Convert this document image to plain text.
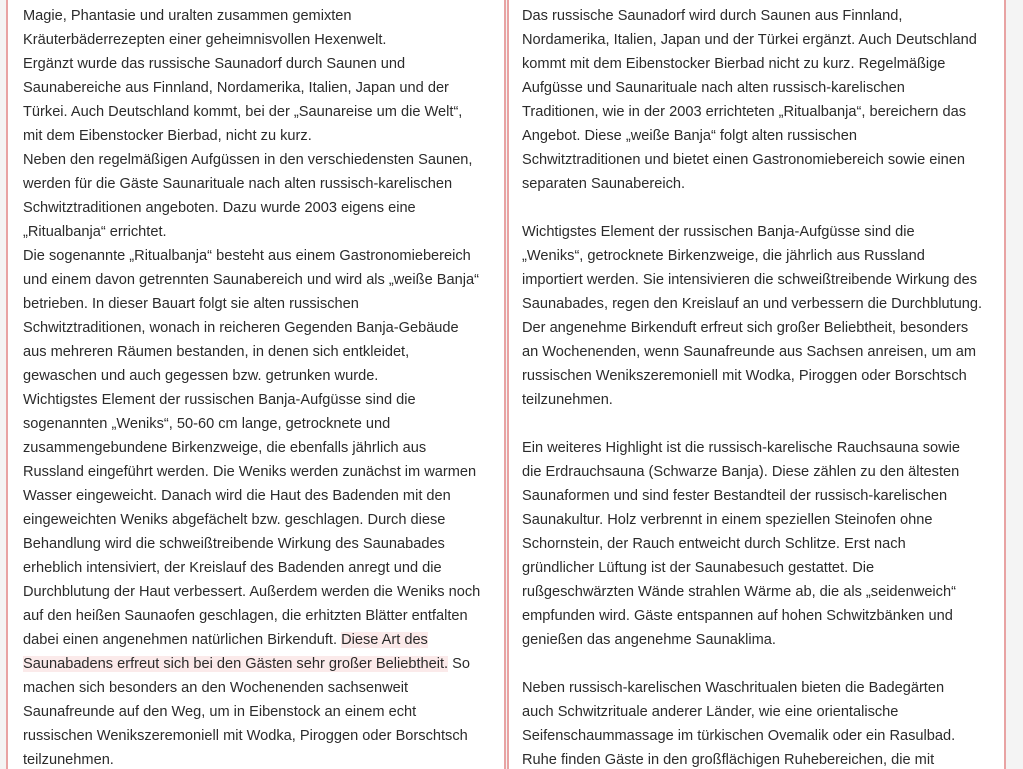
Magie, Phantasie und uralten zusammen gemixten
Kräuterbäderrezepten einer geheimnisvollen Hexenwelt.
Ergänzt wurde das russische Saunadorf durch Saunen und
Saunabereiche aus Finnland, Nordamerika, Italien, Japan und der
Türkei. Auch Deutschland kommt, bei der „Saunareise um die Welt“,
mit dem Eibenstocker Bierbad, nicht zu kurz.
Neben den regelmäßigen Aufgüssen in den verschiedensten Saunen,
werden für die Gäste Saunarituale nach alten russisch-karelischen
Schwitztraditionen angeboten. Dazu wurde 2003 eigens eine
„Ritualbanja“ errichtet.
Die sogenannte „Ritualbanja“ besteht aus einem Gastronomiebereich
und einem davon getrennten Saunabereich und wird als „weiße Banja“
betrieben. In dieser Bauart folgt sie alten russischen
Schwitztraditionen, wonach in reicheren Gegenden Banja-Gebäude
aus mehreren Räumen bestanden, in denen sich entkleidet,
gewaschen und auch gegessen bzw. getrunken wurde.
Wichtigstes Element der russischen Banja-Aufgüsse sind die
sogenannten „Weniks“, 50-60 cm lange, getrocknete und
zusammengebundene Birkenzweige, die ebenfalls jährlich aus
Russland eingeführt werden. Die Weniks werden zunächst im warmen
Wasser eingeweicht. Danach wird die Haut des Badenden mit den
eingeweichten Weniks abgefächelt bzw. geschlagen. Durch diese
Behandlung wird die schweißtreibende Wirkung des Saunabades
erheblich intensiviert, der Kreislauf des Badenden anregt und die
Durchblutung der Haut verbessert. Außerdem werden die Weniks noch
auf den heißen Saunaofen geschlagen, die erhitzten Blätter entfalten
dabei einen angenehmen natürlichen Birkenduft. Diese Art des
Saunabadens erfreut sich bei den Gästen sehr großer Beliebtheit. So
machen sich besonders an den Wochenenden sachsenweit
Saunafreunde auf den Weg, um in Eibenstock an einem echt
russischen Wenikszeremoniell mit Wodka, Piroggen oder Borschtsch
teilzunehmen.
Das russische Saunadorf wird durch Saunen aus Finnland,
Nordamerika, Italien, Japan und der Türkei ergänzt. Auch Deutschland
kommt mit dem Eibenstocker Bierbad nicht zu kurz. Regelmäßige
Aufgüsse und Saunarituale nach alten russisch-karelischen
Traditionen, wie in der 2003 errichteten „Ritualbanja“, bereichern das
Angebot. Diese „weiße Banja“ folgt alten russischen
Schwitztraditionen und bietet einen Gastronomiebereich sowie einen
separaten Saunabereich.
Wichtigstes Element der russischen Banja-Aufgüsse sind die
„Weniks“, getrocknete Birkenzweige, die jährlich aus Russland
importiert werden. Sie intensivieren die schweißtreibende Wirkung des
Saunabades, regen den Kreislauf an und verbessern die Durchblutung.
Der angenehme Birkenduft erfreut sich großer Beliebtheit, besonders
an Wochenenden, wenn Saunafreunde aus Sachsen anreisen, um am
russischen Wenikszeremoniell mit Wodka, Piroggen oder Borschtsch
teilzunehmen.
Ein weiteres Highlight ist die russisch-karelische Rauchsauna sowie
die Erdrauchsauna (Schwarze Banja). Diese zählen zu den ältesten
Saunaformen und sind fester Bestandteil der russisch-karelischen
Saunakultur. Holz verbrennt in einem speziellen Steinofen ohne
Schornstein, der Rauch entweicht durch Schlitze. Erst nach
gründlicher Lüftung ist der Saunabesuch gestattet. Die
rußgeschwärzten Wände strahlen Wärme ab, die als „seidenweich“
empfunden wird. Gäste entspannen auf hohen Schwitzbänken und
genießen das angenehme Saunaklima.
Neben russisch-karelischen Waschritualen bieten die Badegärten
auch Schwitzrituale anderer Länder, wie eine orientalische
Seifenschaummassage im türkischen Ovemalik oder ein Rasulbad.
Ruhe finden Gäste in den großflächigen Ruhebereichen, die mit
